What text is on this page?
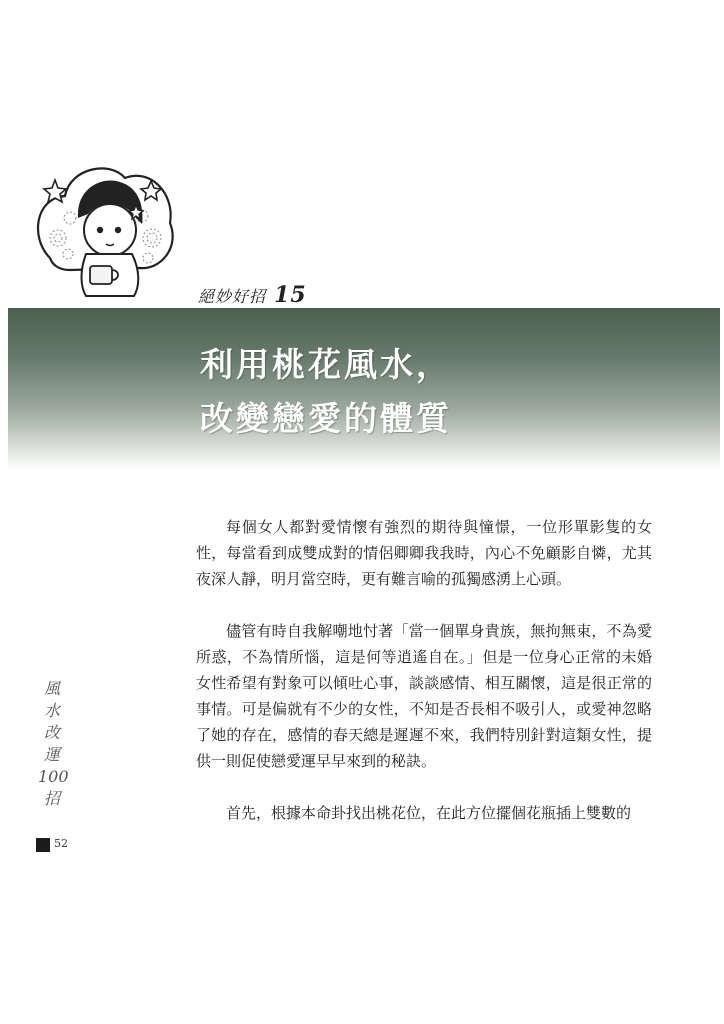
絕妙好招 15
利用桃花風水，
改變戀愛的體質

每個女人都對愛情懷有強烈的期待與憧憬，一位形單影隻的女性，每當看到成雙成對的情侶卿卿我我時，內心不免顧影自憐，尤其夜深人靜，明月當空時，更有難言喻的孤獨感湧上心頭。

儘管有時自我解嘲地忖著「當一個單身貴族，無拘無束，不為愛所惑，不為情所惱，這是何等逍遙自在。」但是一位身心正常的未婚女性希望有對象可以傾吐心事，談談感情、相互關懷，這是很正常的事情。可是偏就有不少的女性，不知是否長相不吸引人，或愛神忽略了她的存在，感情的春天總是遲遲不來，我們特別針對這類女性，提供一則促使戀愛運早早來到的秘訣。

首先，根據本命卦找出桃花位，在此方位擺個花瓶插上雙數的

風
水
改
運
100
招
52
